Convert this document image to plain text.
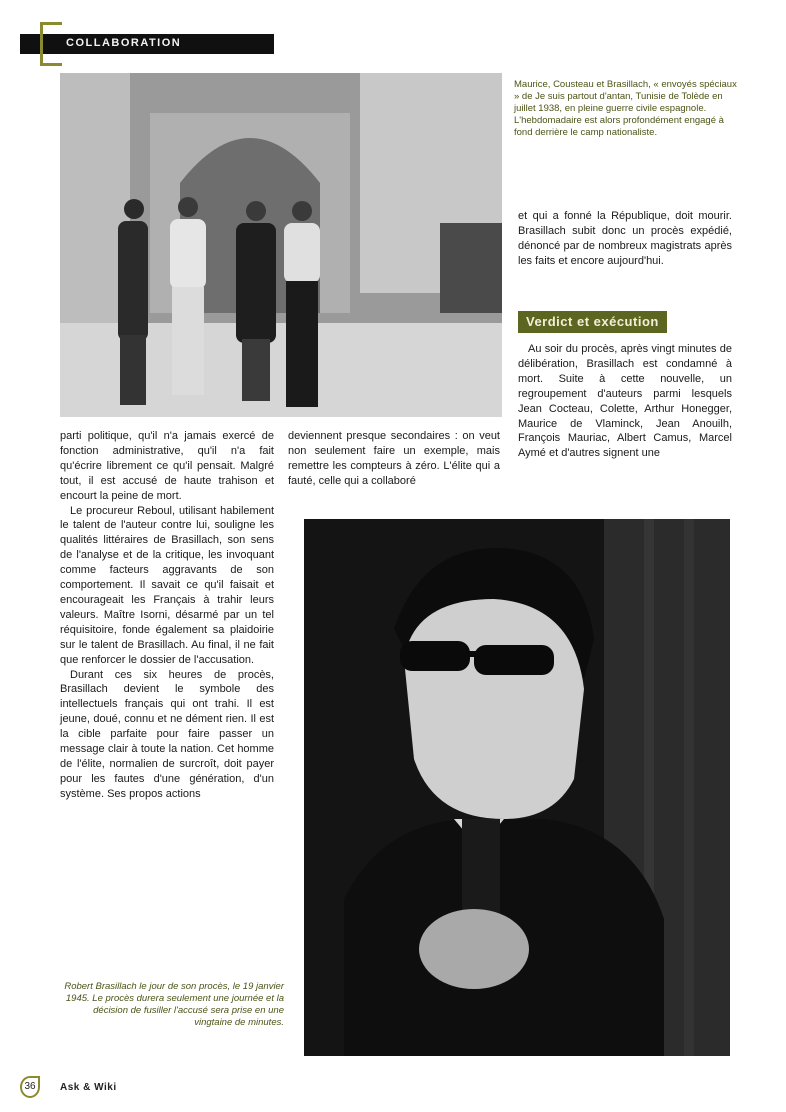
COLLABORATION
Maurice, Cousteau et Brasillach, « envoyés spéciaux » de Je suis partout d'antan, Tunisie de Tolède en juillet 1938, en pleine guerre civile espagnole. L'hebdomadaire est alors profondément engagé à fond derrière le camp nationaliste.

et qui a fonné la République, doit mourir. Brasillach subit donc un procès expédié, dénoncé par de nombreux magistrats après les faits et encore aujourd'hui.

Verdict et exécution

Au soir du procès, après vingt minutes de délibération, Brasillach est condamné à mort. Suite à cette nouvelle, un regroupement d'auteurs parmi lesquels Jean Cocteau, Colette, Arthur Honegger, Maurice de Vlaminck, Jean Anouilh, François Mauriac, Albert Camus, Marcel Aymé et d'autres signent une

deviennent presque secondaires : on veut non seulement faire un exemple, mais remettre les compteurs à zéro. L'élite qui a fauté, celle qui a collaboré

parti politique, qu'il n'a jamais exercé de fonction administrative, qu'il n'a fait qu'écrire librement ce qu'il pensait. Malgré tout, il est accusé de haute trahison et encourt la peine de mort.

Le procureur Reboul, utilisant habilement le talent de l'auteur contre lui, souligne les qualités littéraires de Brasillach, son sens de l'analyse et de la critique, les invoquant comme facteurs aggravants de son comportement. Il savait ce qu'il faisait et encourageait les Français à trahir leurs valeurs. Maître Isorni, désarmé par un tel réquisitoire, fonde également sa plaidoirie sur le talent de Brasillach. Au final, il ne fait que renforcer le dossier de l'accusation.

Durant ces six heures de procès, Brasillach devient le symbole des intellectuels français qui ont trahi. Il est jeune, doué, connu et ne dément rien. Il est la cible parfaite pour faire passer un message clair à toute la nation. Cet homme de l'élite, normalien de surcroît, doit payer pour les fautes d'une génération, d'un système. Ses propos actions

Robert Brasillach le jour de son procès, le 19 janvier 1945. Le procès durera seulement une journée et la décision de fusiller l'accusé sera prise en une vingtaine de minutes.
36	Ask & Wiki
